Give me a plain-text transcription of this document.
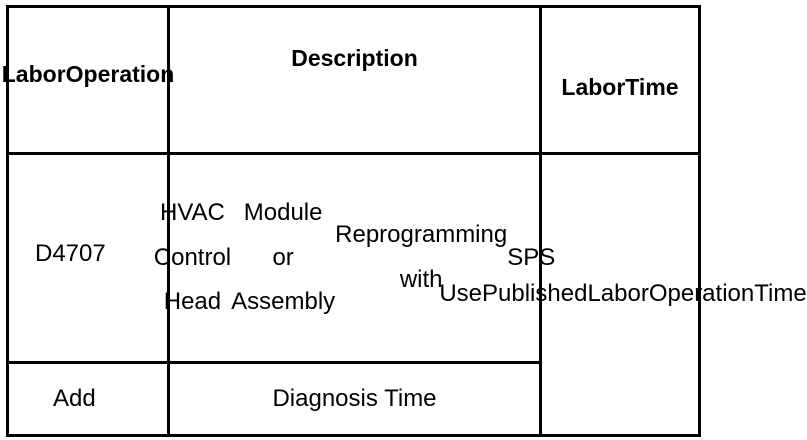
Labor Operation
Description
Labor Time
D4707
HVAC Control Head
Module or Assembly
Reprogramming with
SPS
Add	Diagnosis Time
Use Published Labor Operation Time
